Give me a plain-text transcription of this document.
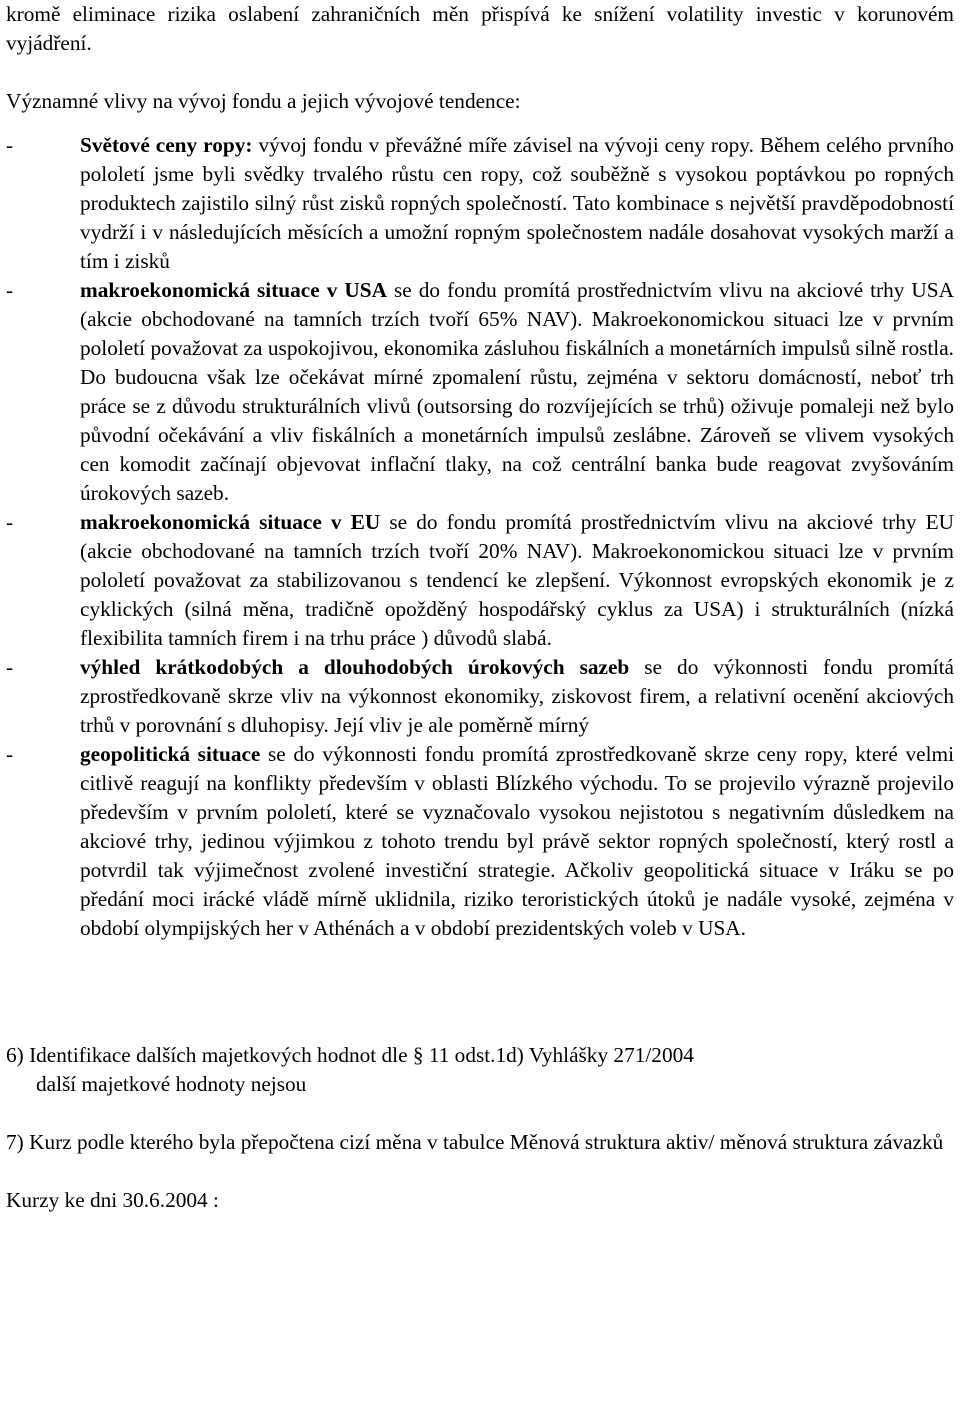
kromě eliminace rizika oslabení zahraničních měn přispívá ke snížení volatility investic v korunovém vyjádření.

Významné vlivy na vývoj fondu a jejich vývojové tendence:

-	Světové ceny ropy: vývoj fondu v převážné míře závisel na vývoji ceny ropy. Během celého prvního pololetí jsme byli svědky trvalého růstu cen ropy, což souběžně s vysokou poptávkou po ropných produktech zajistilo silný růst zisků ropných společností. Tato kombinace s největší pravděpodobností vydrží i v následujících měsících a umožní ropným společnostem nadále dosahovat vysokých marží a tím i zisků

-	makroekonomická situace v USA se do fondu promítá prostřednictvím vlivu na akciové trhy USA (akcie obchodované na tamních trzích tvoří 65% NAV). Makroekonomickou situaci lze v prvním pololetí považovat za uspokojivou, ekonomika zásluhou fiskálních a monetárních impulsů silně rostla. Do budoucna však lze očekávat mírné zpomalení růstu, zejména v sektoru domácností, neboť trh práce se z důvodu strukturálních vlivů (outsorsing do rozvíjejících se trhů) oživuje pomaleji než bylo původní očekávání a vliv fiskálních a monetárních impulsů zeslábne. Zároveň se vlivem vysokých cen komodit začínají objevovat inflační tlaky, na což centrální banka bude reagovat zvyšováním úrokových sazeb.

-	makroekonomická situace v EU se do fondu promítá prostřednictvím vlivu na akciové trhy EU (akcie obchodované na tamních trzích tvoří 20% NAV). Makroekonomickou situaci lze v prvním pololetí považovat za stabilizovanou s tendencí ke zlepšení. Výkonnost evropských ekonomik je z cyklických (silná měna, tradičně opožděný hospodářský cyklus za USA) i strukturálních (nízká flexibilita tamních firem i na trhu práce ) důvodů slabá.

-	výhled krátkodobých a dlouhodobých úrokových sazeb se do výkonnosti fondu promítá zprostředkovaně skrze vliv na výkonnost ekonomiky, ziskovost firem, a relativní ocenění akciových trhů v porovnání s dluhopisy. Její vliv je ale poměrně mírný

-	geopolitická situace se do výkonnosti fondu promítá zprostředkovaně skrze ceny ropy, které velmi citlivě reagují na konflikty především v oblasti Blízkého východu. To se projevilo výrazně projevilo především v prvním pololetí, které se vyznačovalo vysokou nejistotou s negativním důsledkem na akciové trhy, jedinou výjimkou z tohoto trendu byl právě sektor ropných společností, který rostl a potvrdil tak výjimečnost zvolené investiční strategie. Ačkoliv geopolitická situace v Iráku se po předání moci irácké vládě mírně uklidnila, riziko teroristických útoků je nadále vysoké, zejména v období olympijských her v Athénách a v období prezidentských voleb v USA.

6) Identifikace dalších majetkových hodnot dle § 11 odst.1d) Vyhlášky 271/2004

další majetkové hodnoty nejsou

7) Kurz podle kterého byla přepočtena cizí měna v tabulce Měnová struktura aktiv/ měnová struktura závazků

Kurzy ke dni 30.6.2004 :
